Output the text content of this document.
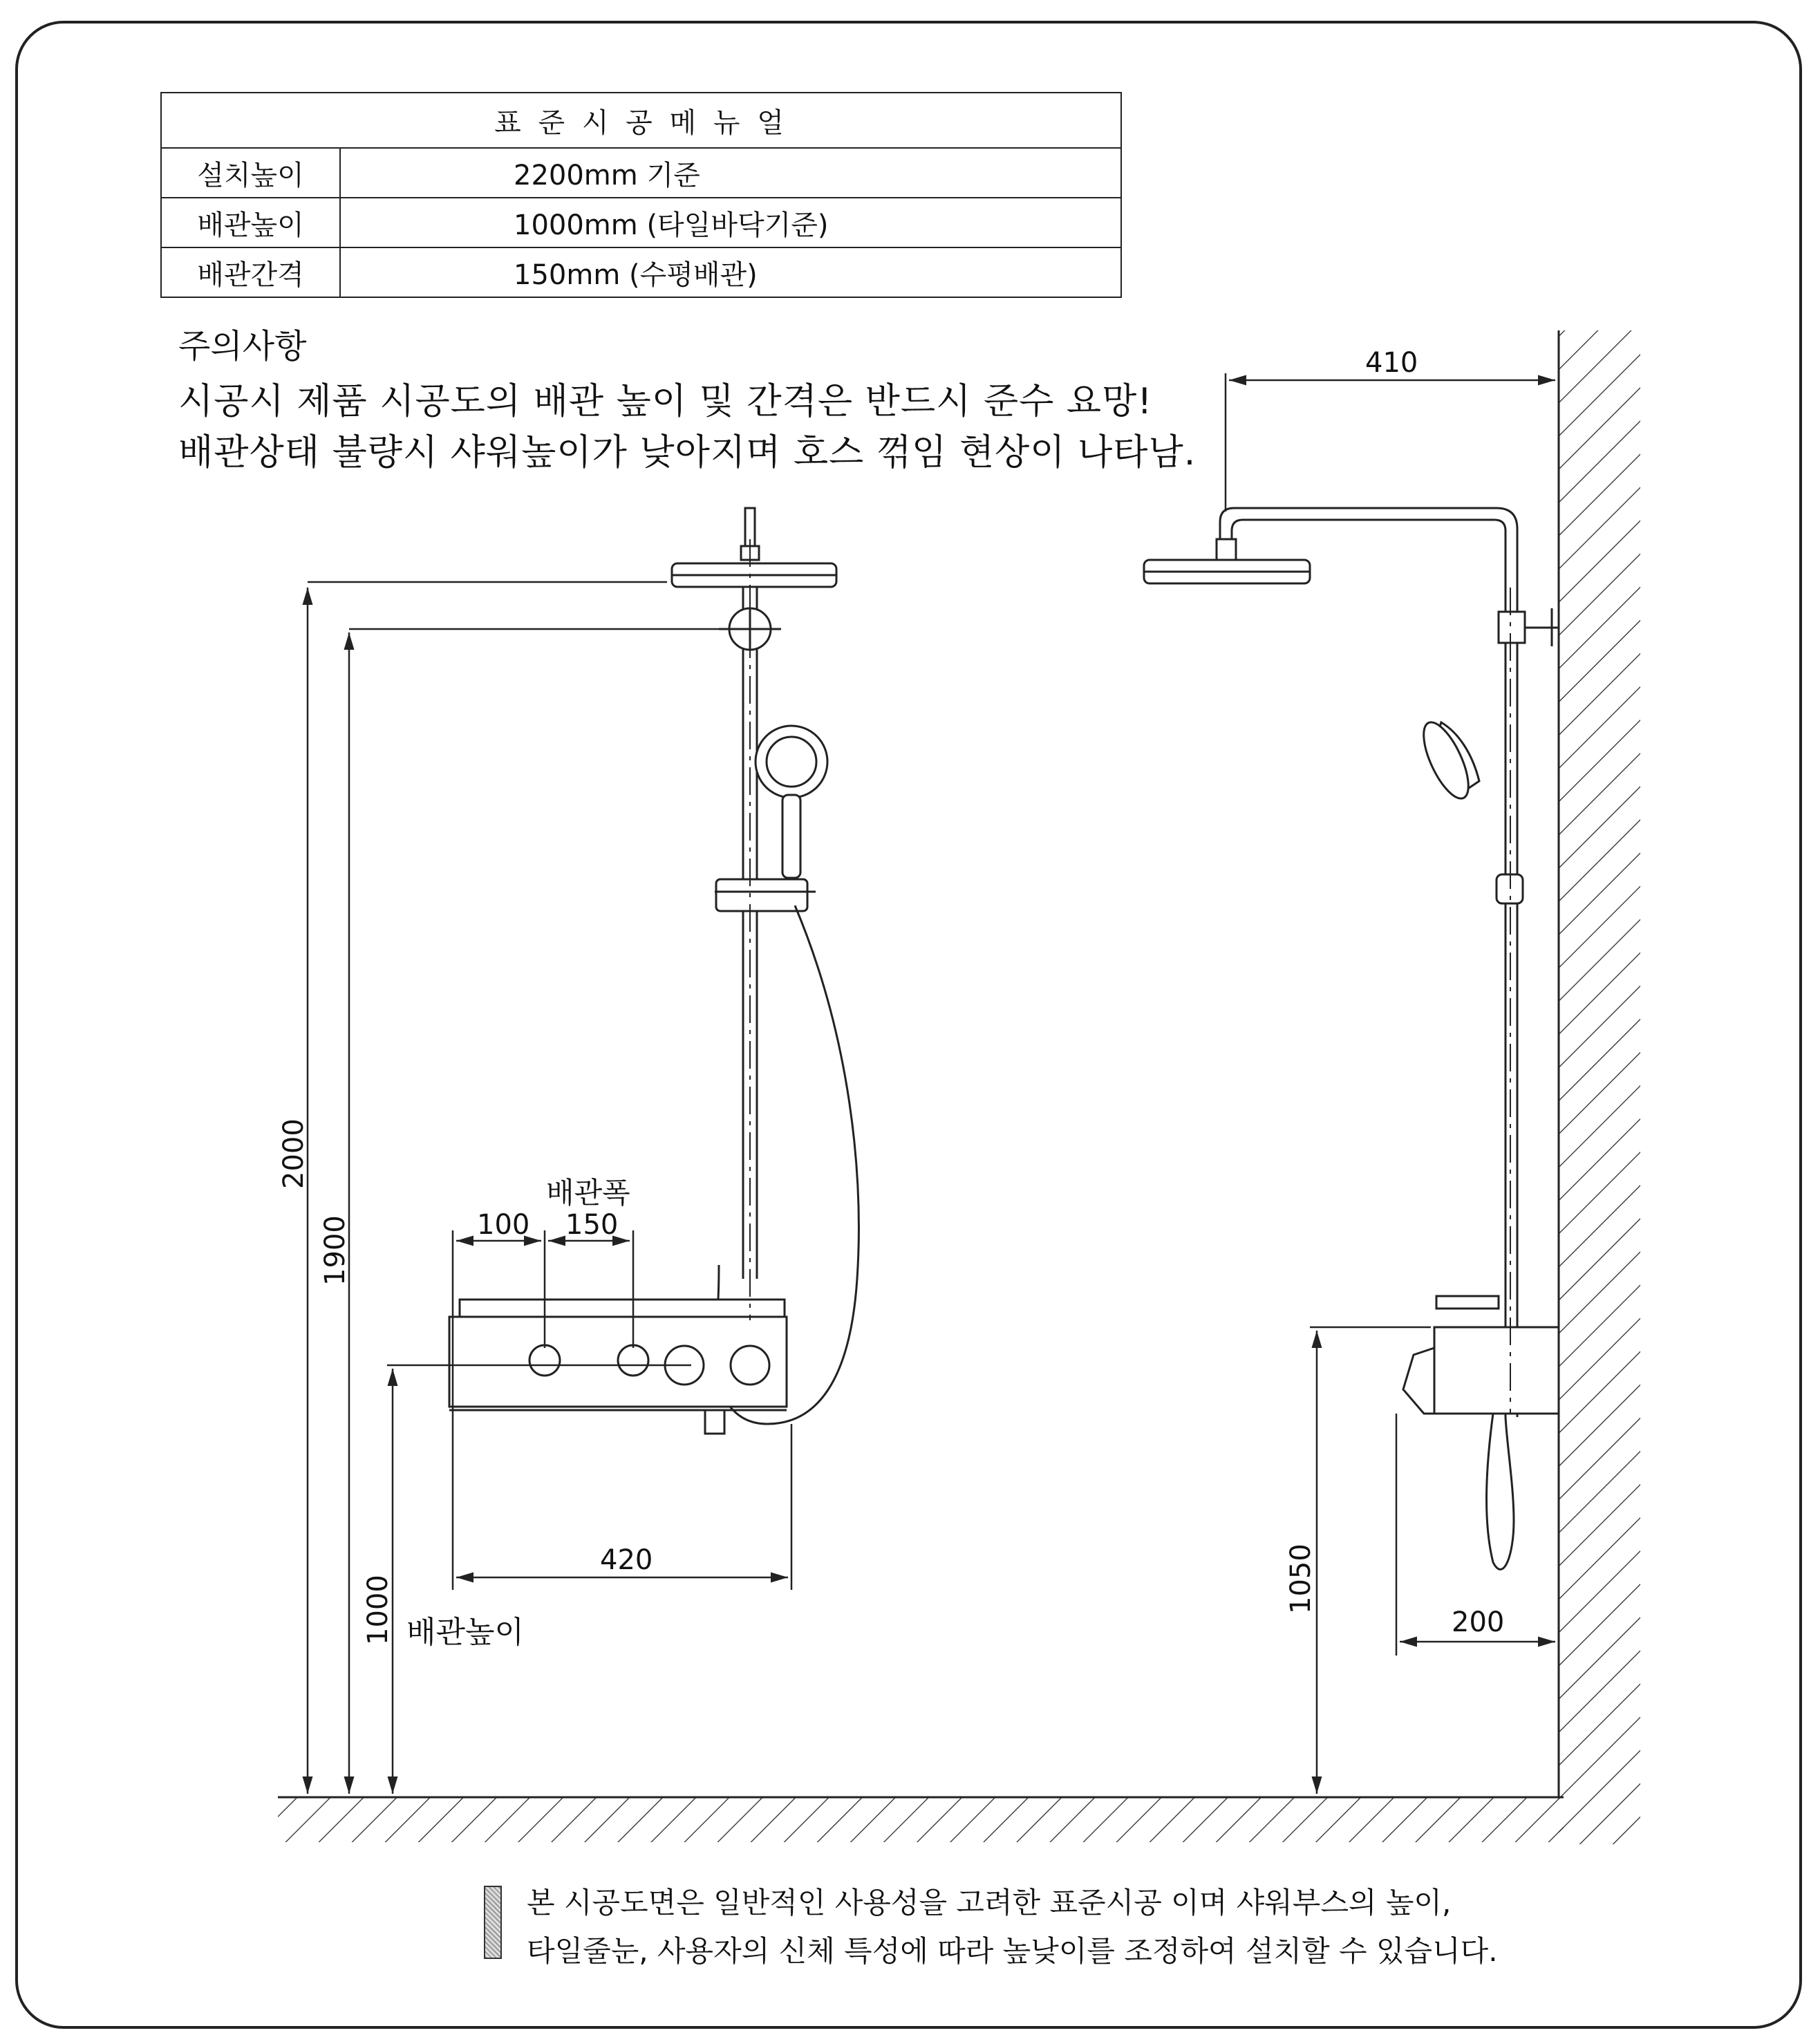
표 준 시 공 메 뉴 얼	
설치높이	2200mm 기준
배관높이	1000mm (타일바닥기준)
배관간격	150mm (수평배관)
주의사항
시공시 제품 시공도의 배관 높이 및 간격은 반드시 준수 요망!
배관상태 불량시 샤워높이가 낮아지며 호스 꺾임 현상이 나타남.
2000
1900
1000 배관높이
배관폭
100 150
420
410
1050
200
본 시공도면은 일반적인 사용성을 고려한 표준시공 이며 샤워부스의 높이,
타일줄눈, 사용자의 신체 특성에 따라 높낮이를 조정하여 설치할 수 있습니다.
